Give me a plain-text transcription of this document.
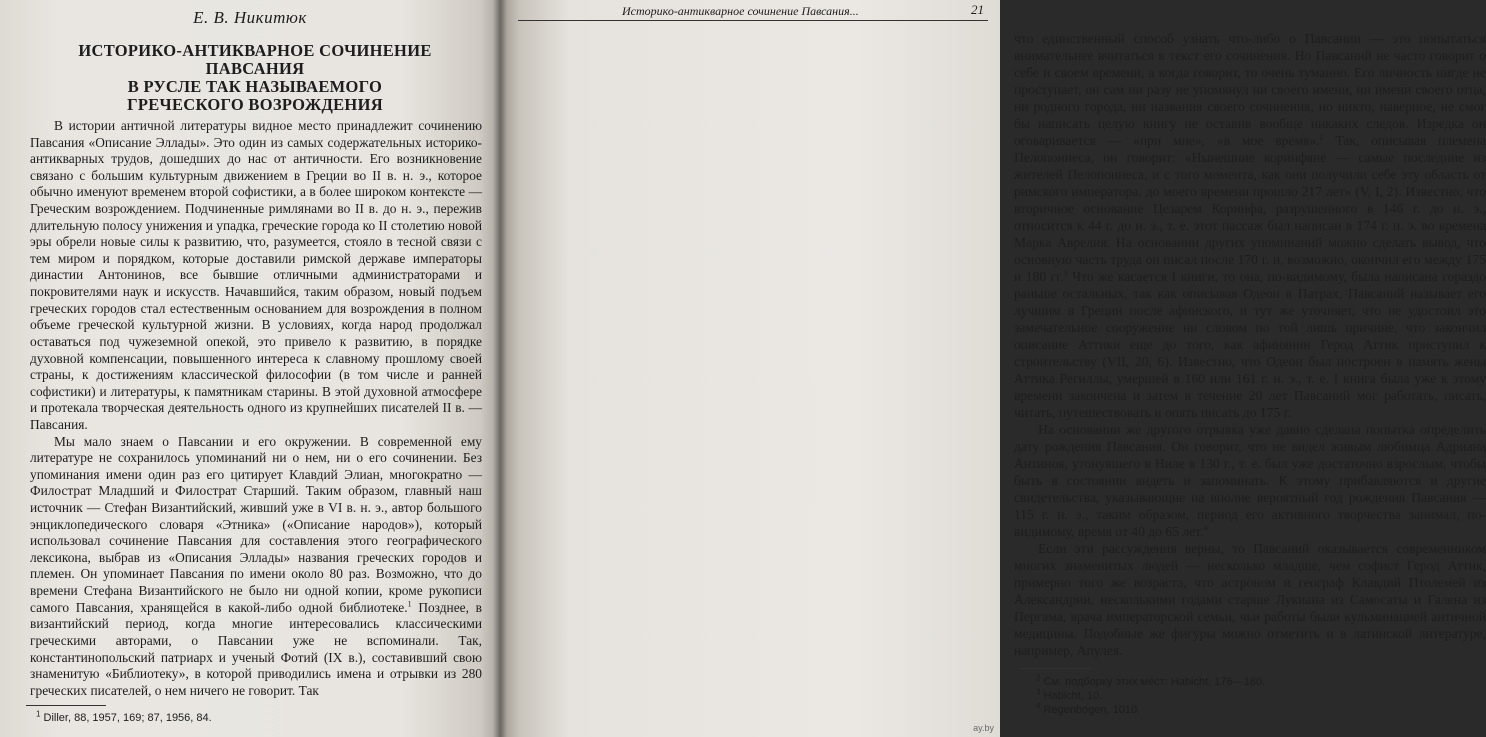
Е. В. Никитюк
ИСТОРИКО-АНТИКВАРНОЕ СОЧИНЕНИЕ ПАВСАНИЯ
В РУСЛЕ ТАК НАЗЫВАЕМОГО
ГРЕЧЕСКОГО ВОЗРОЖДЕНИЯ

В истории античной литературы видное место принадлежит сочинению Павсания «Описание Эллады». Это один из самых содержательных историко-антикварных трудов, дошедших до нас от античности. Его возникновение связано с большим культурным движением в Греции во II в. н. э., которое обычно именуют временем второй софистики, а в более широком контексте — Греческим возрождением. Подчиненные римлянами во II в. до н. э., пережив длительную полосу унижения и упадка, греческие города ко II столетию новой эры обрели новые силы к развитию, что, разумеется, стояло в тесной связи с тем миром и порядком, которые доставили римской державе императоры династии Антонинов, все бывшие отличными администраторами и покровителями наук и искусств. Начавшийся, таким образом, новый подъем греческих городов стал естественным основанием для возрождения в полном объеме греческой культурной жизни. В условиях, когда народ продолжал оставаться под чужеземной опекой, это привело к развитию, в порядке духовной компенсации, повышенного интереса к славному прошлому своей страны, к достижениям классической философии (в том числе и ранней софистики) и литературы, к памятникам старины. В этой духовной атмосфере и протекала творческая деятельность одного из крупнейших писателей II в. — Павсания.

Мы мало знаем о Павсании и его окружении. В современной ему литературе не сохранилось упоминаний ни о нем, ни о его сочинении. Без упоминания имени один раз его цитирует Клавдий Элиан, многократно — Филострат Младший и Филострат Старший. Таким образом, главный наш источник — Стефан Византийский, живший уже в VI в. н. э., автор большого энциклопедического словаря «Этника» («Описание народов»), который использовал сочинение Павсания для составления этого географического лексикона, выбрав из «Описания Эллады» названия греческих городов и племен. Он упоминает Павсания по имени около 80 раз. Возможно, что до времени Стефана Византийского не было ни одной копии, кроме рукописи самого Павсания, хранящейся в какой-либо одной библиотеке.$^1$ Позднее, в византийский период, когда многие интересовались классическими греческими авторами, о Павсании уже не вспоминали. Так, константинопольский патриарх и ученый Фотий (IX в.), составивший свою знаменитую «Библиотеку», в которой приводились имена и отрывки из 280 греческих писателей, о нем ничего не говорит. Так

$^1$ Diller, 88, 1957, 169; 87, 1956, 84.
Историко-антикварное сочинение Павсания...	21

что единственный способ узнать что-либо о Павсании — это попытаться внимательнее вчитаться в текст его сочинения. Но Павсаний не часто говорит о себе и своем времени, а когда говорит, то очень туманно. Его личность нигде не проступает, он сам ни разу не упомянул ни своего имени, ни имени своего отца, ни родного города, ни названия своего сочинения, но никто, наверное, не смог бы написать целую книгу не оставив вообще никаких следов. Изредка он оговаривается — «при мне», «в мое время».$^2$ Так, описывая племена Пелопоннеса, он говорит: «Нынешние коринфяне — самые последние из жителей Пелопоннеса, и с того момента, как они получили себе эту область от римского императора, до моего времени прошло 217 лет» (V, I, 2). Известно, что вторичное основание Цезарем Коринфа, разрушенного в 146 г. до н. э., относится к 44 г. до н. э., т. е. этот пассаж был написан в 174 г. н. э. во времена Марка Аврелия. На основании других упоминаний можно сделать вывод, что основную часть труда он писал после 170 г. и, возможно, окончил его между 175 и 180 гг.$^3$ Что же касается I книги, то она, по-видимому, была написана гораздо раньше остальных, так как описывая Одеон в Патрах, Павсаний называет его лучшим в Греции после афинского, и тут же уточняет, что не удостоил это замечательное сооружение ни словом по той лишь причине, что закончил описание Аттики еще до того, как афинянин Герод Аттик приступил к строительству (VII, 20, 6). Известно, что Одеон был построен в память жены Аттика Региллы, умершей в 160 или 161 г. н. э., т. е. I книга была уже к этому времени закончена и затем в течение 20 лет Павсаний мог работать, писать, читать, путешествовать и опять писать до 175 г.

На основании же другого отрывка уже давно сделана попытка определить дату рождения Павсания. Он говорит, что не видел живым любимца Адриана Антиноя, утонувшего в Ниле в 130 г., т. е. был уже достаточно взрослым, чтобы быть в состоянии видеть и запоминать. К этому прибавляются и другие свидетельства, указывающие на вполне вероятный год рождения Павсания — 115 г. н. э., таким образом, период его активного творчества занимал, по-видимому, время от 40 до 65 лет.$^4$

Если эти рассуждения верны, то Павсаний оказывается современником многих знаменитых людей — несколько младше, чем софист Герод Аттик, примерно того же возраста, что астроном и географ Клавдий Птолемей из Александрии, несколькими годами старше Лукиана из Самосаты и Галена из Пергама, врача императорской семьи, чьи работы были кульминацией античной медицины. Подобные же фигуры можно отметить и в латинской литературе, например, Апулея.

$^2$ См. подборку этих мест: Habicht, 176—180.
$^3$ Habicht, 10.
$^4$ Regenbogen, 1010.
ay.by
